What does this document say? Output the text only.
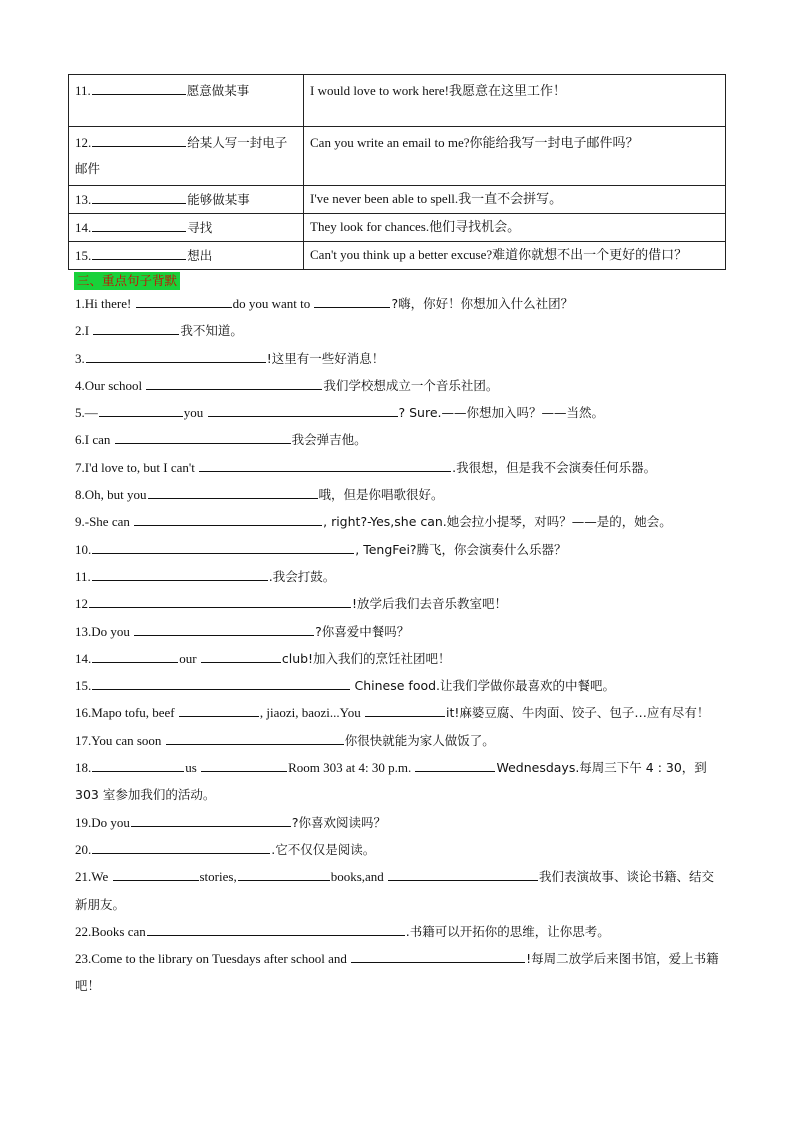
11. 愿意做某事	I would love to work here!我愿意在这里工作！
12. 给某人写一封电子邮件	Can you write an email to me?你能给我写一封电子邮件吗？
13. 能够做某事	I've never been able to spell.我一直不会拼写。
14. 寻找	They look for chances.他们寻找机会。
15. 想出	Can't you think up a better excuse?难道你就想不出一个更好的借口？
三、重点句子背默
1.Hi there!	do you want to	?嗨，你好！你想加入什么社团？
2.I	我不知道。
3.	!这里有一些好消息！
4.Our school	我们学校想成立一个音乐社团。
5.—	you	? Sure.——你想加入吗？——当然。
6.I can	我会弹吉他。
7.I'd love to, but I can't	.我很想，但是我不会演奏任何乐器。
8.Oh, but you	哦，但是你唱歌很好。
9.-She can	, right?-Yes,she can.她会拉小提琴，对吗？——是的，她会。
10.	, TengFei?腾飞，你会演奏什么乐器？
11.	.我会打鼓。
12	!放学后我们去音乐教室吧！
13.Do you	?你喜爱中餐吗？
14.	our	club!加入我们的烹饪社团吧！
15.	Chinese food.让我们学做你最喜欢的中餐吧。
16.Mapo tofu, beef	, jiaozi, baozi...You	it!麻婆豆腐、牛肉面、饺子、包子…应有尽有！
17.You can soon	你很快就能为家人做饭了。
18.	us	Room 303 at 4: 30 p.m.	Wednesdays.每周三下午 4 : 30，到 303 室参加我们的活动。
19.Do you	?你喜欢阅读吗？
20.	.它不仅仅是阅读。
21.We	stories,	books,and	我们表演故事、谈论书籍、结交新朋友。
22.Books can	.书籍可以开拓你的思维，让你思考。
23.Come to the library on Tuesdays after school and	!每周二放学后来图书馆，爱上书籍吧！
